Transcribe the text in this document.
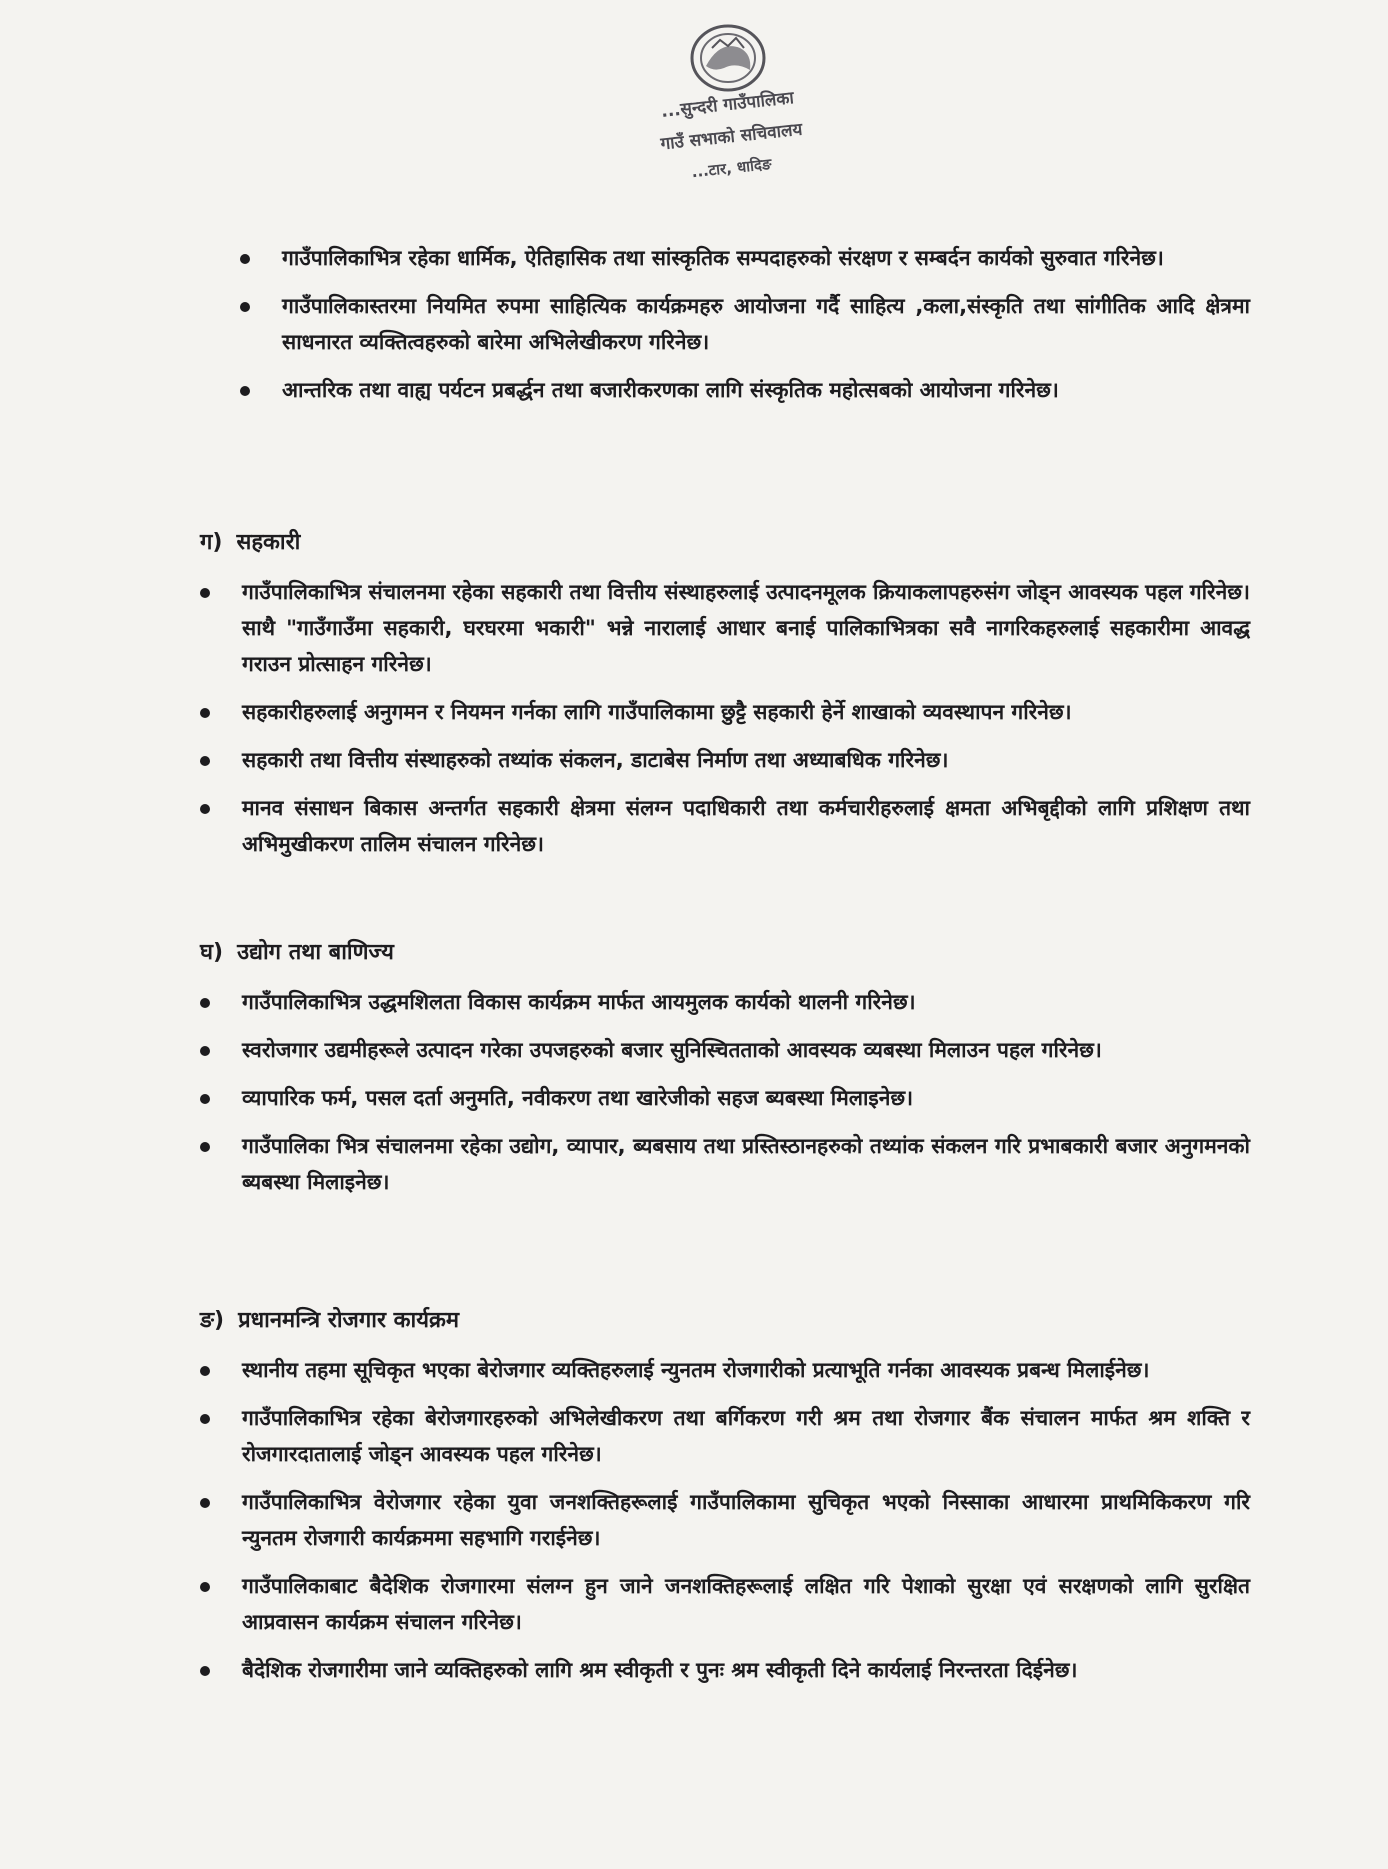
...सुन्दरी गाउँपालिका
गाउँ सभाको सचिवालय
...टार, धादिङ
गाउँपालिकाभित्र रहेका धार्मिक, ऐतिहासिक तथा सांस्कृतिक सम्पदाहरुको संरक्षण र सम्बर्दन कार्यको सुरुवात गरिनेछ।
गाउँपालिकास्तरमा नियमित रुपमा साहित्यिक कार्यक्रमहरु आयोजना गर्दै साहित्य ,कला,संस्कृति तथा सांगीतिक आदि क्षेत्रमा साधनारत व्यक्तित्वहरुको बारेमा अभिलेखीकरण गरिनेछ।
आन्तरिक तथा वाह्य पर्यटन प्रबर्द्धन तथा बजारीकरणका लागि संस्कृतिक महोत्सबको आयोजना गरिनेछ।
ग) सहकारी
गाउँपालिकाभित्र संचालनमा रहेका सहकारी तथा वित्तीय संस्थाहरुलाई उत्पादनमूलक क्रियाकलापहरुसंग जोड्न आवस्यक पहल गरिनेछ। साथै "गाउँगाउँमा सहकारी, घरघरमा भकारी" भन्ने नारालाई आधार बनाई पालिकाभित्रका सवै नागरिकहरुलाई सहकारीमा आवद्ध गराउन प्रोत्साहन गरिनेछ।
सहकारीहरुलाई अनुगमन र नियमन गर्नका लागि गाउँपालिकामा छुट्टै सहकारी हेर्ने शाखाको व्यवस्थापन गरिनेछ।
सहकारी तथा वित्तीय संस्थाहरुको तथ्यांक संकलन, डाटाबेस निर्माण तथा अध्याबधिक गरिनेछ।
मानव संसाधन बिकास अन्तर्गत सहकारी क्षेत्रमा संलग्न पदाधिकारी तथा कर्मचारीहरुलाई क्षमता अभिबृद्दीको लागि प्रशिक्षण तथा अभिमुखीकरण तालिम संचालन गरिनेछ।
घ) उद्योग तथा बाणिज्य
गाउँपालिकाभित्र उद्धमशिलता विकास कार्यक्रम मार्फत आयमुलक कार्यको थालनी गरिनेछ।
स्वरोजगार उद्यमीहरूले उत्पादन गरेका उपजहरुको बजार सुनिस्चितताको आवस्यक व्यबस्था मिलाउन पहल गरिनेछ।
व्यापारिक फर्म, पसल दर्ता अनुमति, नवीकरण तथा खारेजीको सहज ब्यबस्था मिलाइनेछ।
गाउँपालिका भित्र संचालनमा रहेका उद्योग, व्यापार, ब्यबसाय तथा प्रस्तिस्ठानहरुको तथ्यांक संकलन गरि प्रभाबकारी बजार अनुगमनको ब्यबस्था मिलाइनेछ।
ङ) प्रधानमन्त्रि रोजगार कार्यक्रम
स्थानीय तहमा सूचिकृत भएका बेरोजगार व्यक्तिहरुलाई न्युनतम रोजगारीको प्रत्याभूति गर्नका आवस्यक प्रबन्ध मिलाईनेछ।
गाउँपालिकाभित्र रहेका बेरोजगारहरुको अभिलेखीकरण तथा बर्गिकरण गरी श्रम तथा रोजगार बैंक संचालन मार्फत श्रम शक्ति र रोजगारदातालाई जोड्न आवस्यक पहल गरिनेछ।
गाउँपालिकाभित्र वेरोजगार रहेका युवा जनशक्तिहरूलाई गाउँपालिकामा सुचिकृत भएको निस्साका आधारमा प्राथमिकिकरण गरि न्युनतम रोजगारी कार्यक्रममा सहभागि गराईनेछ।
गाउँपालिकाबाट बैदेशिक रोजगारमा संलग्न हुन जाने जनशक्तिहरूलाई लक्षित गरि पेशाको सुरक्षा एवं सरक्षणको लागि सुरक्षित आप्रवासन कार्यक्रम संचालन गरिनेछ।
बैदेशिक रोजगारीमा जाने व्यक्तिहरुको लागि श्रम स्वीकृती र पुनः श्रम स्वीकृती दिने कार्यलाई निरन्तरता दिईनेछ।
